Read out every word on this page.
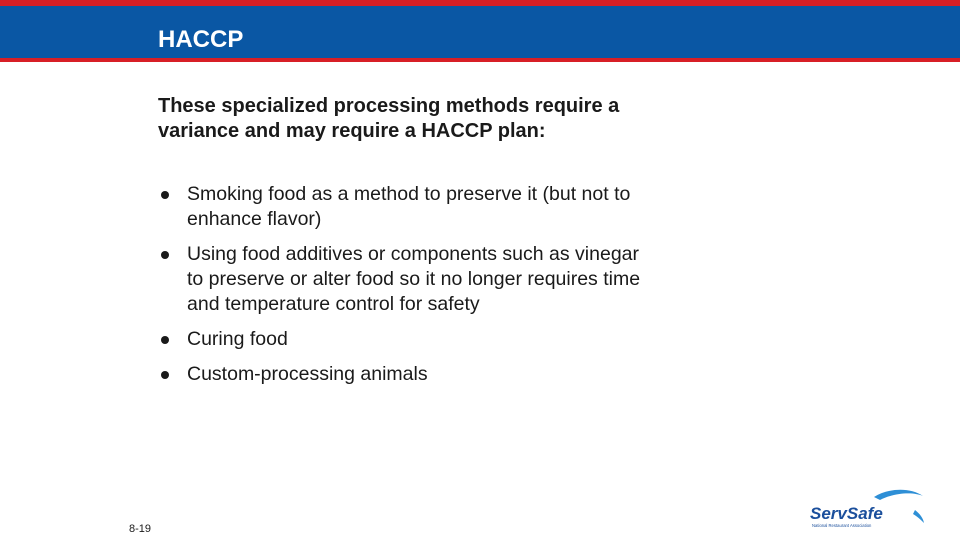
HACCP
These specialized processing methods require a variance and may require a HACCP plan:
Smoking food as a method to preserve it (but not to enhance flavor)
Using food additives or components such as vinegar to preserve or alter food so it no longer requires time and temperature control for safety
Curing food
Custom-processing animals
8-19
ServSafe
National Restaurant Association
